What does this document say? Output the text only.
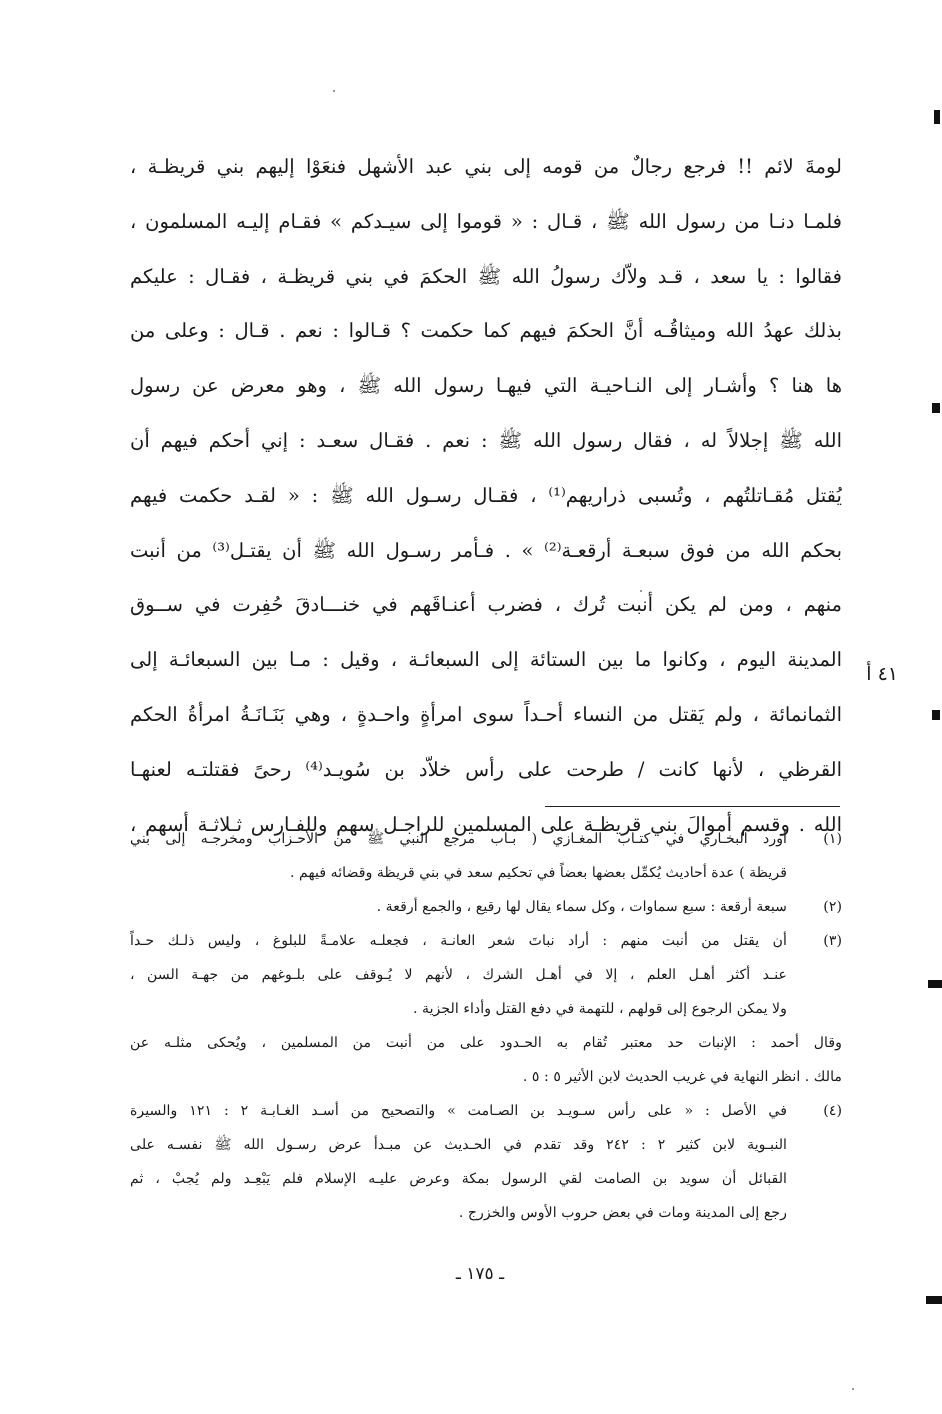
لومةَ لائم !! فرجع رجالٌ من قومه إلى بني عبد الأشهل فنعَوْا إليهم بني قريظـة ،
فلمـا دنـا من رسول الله ﷺ ، قـال : « قوموا إلى سيـدكم » فقـام إليـه المسلمون ،
فقالوا : يا سعد ، قـد ولاّك رسولُ الله ﷺ الحكمَ في بني قريظـة ، فقـال : عليكم
بذلك عهدُ الله وميثاقُـه أنَّ الحكمَ فيهم كما حكمت ؟ قـالوا : نعم . قـال : وعلى من
ها هنا ؟ وأشـار إلى النـاحيـة التي فيهـا رسول الله ﷺ ، وهو معرض عن رسول
الله ﷺ إجلالاً له ، فقال رسول الله ﷺ : نعم . فقـال سعـد : إني أحكم فيهم أن
يُقتل مُقـاتلتُهم ، وتُسبى ذراريهم⁽¹⁾ ، فقـال رسـول الله ﷺ : « لقـد حكمت فيهم
بحكم الله من فوق سبعـة أرقعـة⁽²⁾ » . فـأمر رسـول الله ﷺ أن يقتـل⁽³⁾ من أنبت
منهم ، ومن لم يكن أنبت تُرك ، فضرب أعنـاقَهم في خنـــادقَ حُفِرت في ســوق
المدينة اليوم ، وكانوا ما بين الستائة إلى السبعائـة ، وقيل : مـا بين السبعائـة إلى
الثمانمائة ، ولم يَقتل من النساء أحـداً سوى امرأةٍ واحـدةٍ ، وهي بَنَـانَـةُ امرأةُ الحكم
القرظي ، لأنها كانت / طرحت على رأس خلاّد بن سُويـد⁽⁴⁾ رحىً فقتلتـه لعنهـا
الله . وقسم أموالَ بني قريظـة على المسلمين للراجـل سهم وللفـارس ثـلاثـة أسهم ،
٤١ أ
(١)
أورد البخـاري في كتـاب المغـازي ( بـاب مرجع النبي ﷺ من الأحـزاب ومخرجـه إلى بني
قريظة ) عدة أحاديث يُكمِّل بعضها بعضاً في تحكيم سعد في بني قريظة وقضائه فيهم .
(٢)
سبعة أرقعة : سبع سماوات ، وكل سماء يقال لها رقيع ، والجمع أرقعة .
(٣)
أن يقتل من أنبت منهم : أراد نباتَ شعر العانـة ، فجعلـه علامـةً للبلوغ ، وليس ذلـك حـداً
عنـد أكثر أهـل العلم ، إلا في أهـل الشرك ، لأنهم لا يُـوقف على بلـوغهم من جهـة السن ،
ولا يمكن الرجوع إلى قولهم ، للتهمة في دفع القتل وأداء الجزية .
وقال أحمد : الإنبات حد معتبر تُقام به الحـدود على من أنبت من المسلمين ، ويُحكى مثلـه عن
مالك . انظر النهاية في غريب الحديث لابن الأثير ٥ : ٥ .
(٤)
في الأصل : « على رأس سـويـد بن الصـامت » والتصحيح من أسـد الغـابـة ٢ : ١٢١ والسيرة
النبـوية لابن كثير ٢ : ٢٤٢ وقد تقدم في الحـديث عن مبـدأ عرض رسـول الله ﷺ نفسـه على
القبائل أن سويد بن الصامت لقي الرسول بمكة وعرض عليـه الإسلام فلم يَبْعِـد ولم يُجبْ ، ثم
رجع إلى المدينة ومات في بعض حروب الأوس والخزرج .
ـ ١٧٥ ـ
